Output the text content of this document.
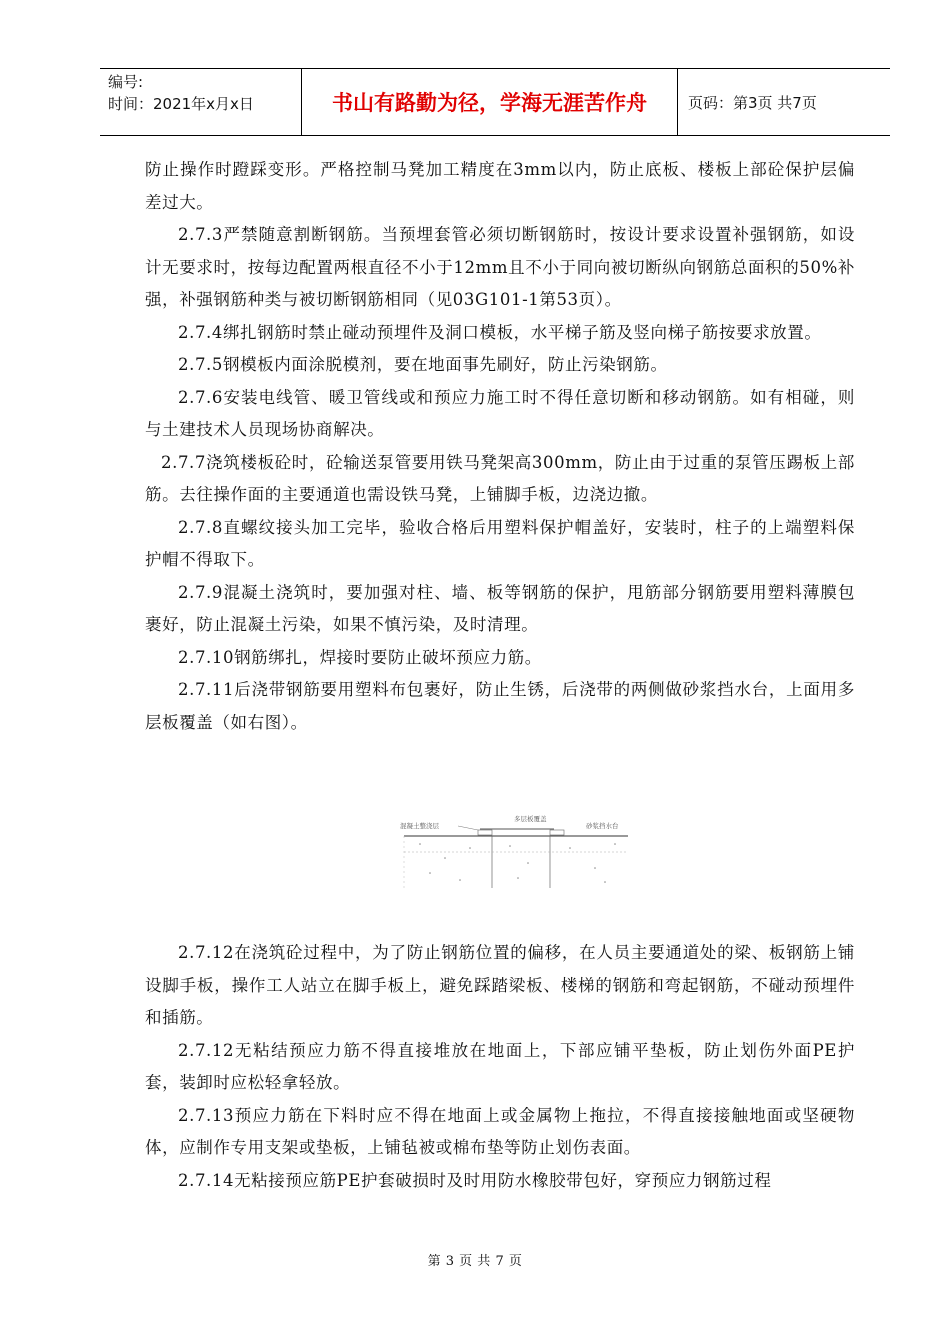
编号:
时间：2021年x月x日	书山有路勤为径，学海无涯苦作舟	页码：第3页 共7页

防止操作时蹬踩变形。严格控制马凳加工精度在3mm以内，防止底板、楼板上部砼保护层偏差过大。

2.7.3严禁随意割断钢筋。当预埋套管必须切断钢筋时，按设计要求设置补强钢筋，如设计无要求时，按每边配置两根直径不小于12mm且不小于同向被切断纵向钢筋总面积的50%补强，补强钢筋种类与被切断钢筋相同（见03G101-1第53页）。

2.7.4绑扎钢筋时禁止碰动预埋件及洞口模板，水平梯子筋及竖向梯子筋按要求放置。

2.7.5钢模板内面涂脱模剂，要在地面事先刷好，防止污染钢筋。

2.7.6安装电线管、暖卫管线或和预应力施工时不得任意切断和移动钢筋。如有相碰，则与土建技术人员现场协商解决。

2.7.7浇筑楼板砼时，砼输送泵管要用铁马凳架高300mm，防止由于过重的泵管压踢板上部筋。去往操作面的主要通道也需设铁马凳，上铺脚手板，边浇边撤。

2.7.8直螺纹接头加工完毕，验收合格后用塑料保护帽盖好，安装时，柱子的上端塑料保护帽不得取下。

2.7.9混凝土浇筑时，要加强对柱、墙、板等钢筋的保护，甩筋部分钢筋要用塑料薄膜包裹好，防止混凝土污染，如果不慎污染，及时清理。

2.7.10钢筋绑扎，焊接时要防止破坏预应力筋。

2.7.11后浇带钢筋要用塑料布包裹好，防止生锈，后浇带的两侧做砂浆挡水台，上面用多层板覆盖（如右图）。

混凝土整浇层
多层板覆盖
砂浆挡水台

2.7.12在浇筑砼过程中，为了防止钢筋位置的偏移，在人员主要通道处的梁、板钢筋上铺设脚手板，操作工人站立在脚手板上，避免踩踏梁板、楼梯的钢筋和弯起钢筋，不碰动预埋件和插筋。

2.7.12无粘结预应力筋不得直接堆放在地面上，下部应铺平垫板，防止划伤外面PE护套，装卸时应松轻拿轻放。

2.7.13预应力筋在下料时应不得在地面上或金属物上拖拉，不得直接接触地面或坚硬物体，应制作专用支架或垫板，上铺毡被或棉布垫等防止划伤表面。

2.7.14无粘接预应筋PE护套破损时及时用防水橡胶带包好，穿预应力钢筋过程

第 3 页 共 7 页
